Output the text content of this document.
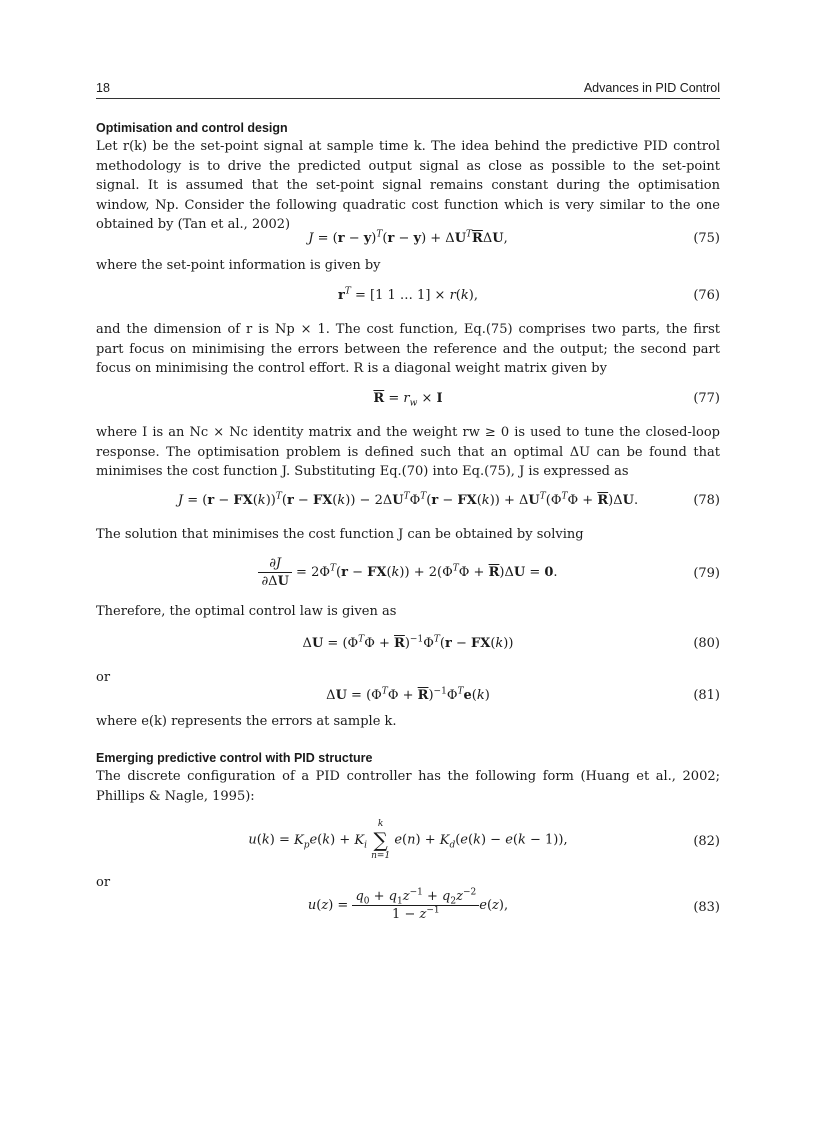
18	Advances in PID Control
Optimisation and control design
Let r(k) be the set-point signal at sample time k. The idea behind the predictive PID control methodology is to drive the predicted output signal as close as possible to the set-point signal. It is assumed that the set-point signal remains constant during the optimisation window, Np. Consider the following quadratic cost function which is very similar to the one obtained by (Tan et al., 2002)
$J = (r - y)^T(r - y) + \Delta U^T\overline{R}\Delta U$,	(75)
where the set-point information is given by
$r^T = [1$ 1 … 1] × r(k),	(76)
and the dimension of r is Np × 1. The cost function, Eq.(75) comprises two parts, the first part focus on minimising the errors between the reference and the output; the second part focus on minimising the control effort. R is a diagonal weight matrix given by
$\overline{R} = r_w \times I$	(77)
where I is an Nc × Nc identity matrix and the weight rw ≥ 0 is used to tune the closed-loop response. The optimisation problem is defined such that an optimal ΔU can be found that minimises the cost function J. Substituting Eq.(70) into Eq.(75), J is expressed as
$J = (r - FX(k))^T(r - FX(k)) - 2\Delta U^T\Phi^T(r - FX(k)) + \Delta U^T(\Phi^T\Phi + \overline{R})\Delta U$.	(78)
The solution that minimises the cost function J can be obtained by solving
$\frac{\partial J}{\partial\Delta U} = 2\Phi^T(r - FX(k)) + 2(\Phi^T\Phi + \overline{R})\Delta U = 0$.	(79)
Therefore, the optimal control law is given as
$\Delta U = (\Phi^T\Phi + \overline{R})^{-1}\Phi^T(r - FX(k))$	(80)
or
$\Delta U = (\Phi^T\Phi + \overline{R})^{-1}\Phi^Te(k)$	(81)
where e(k) represents the errors at sample k.
Emerging predictive control with PID structure
The discrete configuration of a PID controller has the following form (Huang et al., 2002; Phillips & Nagle, 1995):
$u(k) = K_pe(k) + K_i$
k
∑
n=1
$e(n) + K_d(e(k) - e(k - 1))$,	(82)
or
$u(z) = \frac{q_0 + q_1z^{-1} + q_2z^{-2}}{1 - z^{-1}} e(z)$,	(83)
